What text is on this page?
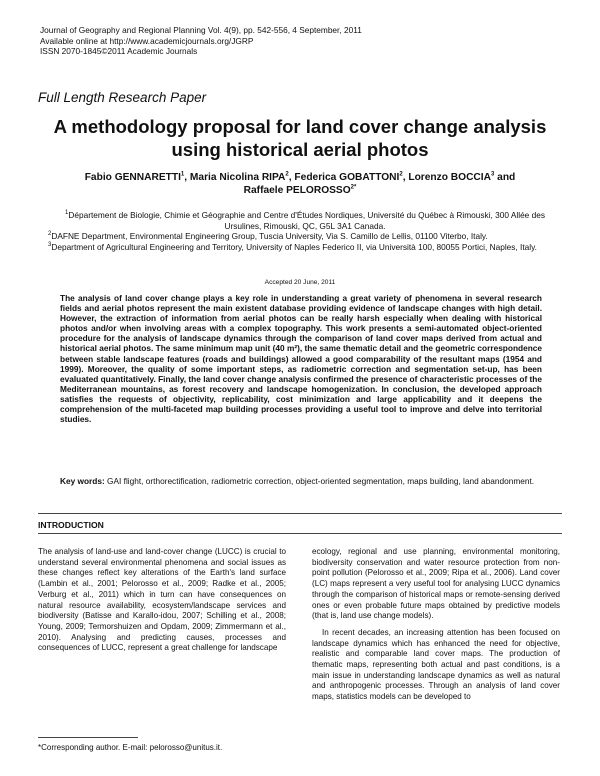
Journal of Geography and Regional Planning Vol. 4(9), pp. 542-556, 4 September, 2011
Available online at http://www.academicjournals.org/JGRP
ISSN 2070-1845©2011 Academic Journals
Full Length Research Paper
A methodology proposal for land cover change analysis using historical aerial photos
Fabio GENNARETTI$^1$, Maria Nicolina RIPA$^2$, Federica GOBATTONI$^2$, Lorenzo BOCCIA$^3$ and Raffaele $PELOROSSO^{2*}$
$^1$Département de Biologie, Chimie et Géographie and Centre d'Études Nordiques, Université du Québec à Rimouski, 300 Allée des Ursulines, Rimouski, QC, G5L 3A1 Canada.
$^2$DAFNE Department, Environmental Engineering Group, Tuscia University, Via S. Camillo de Lellis, 01100 Viterbo, Italy.
$^3$Department of Agricultural Engineering and Territory, University of Naples Federico II, via Università 100, 80055 Portici, Naples, Italy.
Accepted 20 June, 2011
The analysis of land cover change plays a key role in understanding a great variety of phenomena in several research fields and aerial photos represent the main existent database providing evidence of landscape changes with high detail. However, the extraction of information from aerial photos can be really harsh especially when dealing with historical photos and/or when involving areas with a complex topography. This work presents a semi-automated object-oriented procedure for the analysis of landscape dynamics through the comparison of land cover maps derived from actual and historical aerial photos. The same minimum map unit (40 m²), the same thematic detail and the geometric correspondence between stable landscape features (roads and buildings) allowed a good comparability of the resultant maps (1954 and 1999). Moreover, the quality of some important steps, as radiometric correction and segmentation set-up, has been evaluated quantitatively. Finally, the land cover change analysis confirmed the presence of characteristic processes of the Mediterranean mountains, as forest recovery and landscape homogenization. In conclusion, the developed approach satisfies the requests of objectivity, replicability, cost minimization and large applicability and it deepens the comprehension of the multi-faceted map building processes providing a useful tool to improve and delve into territorial studies.
Key words: GAI flight, orthorectification, radiometric correction, object-oriented segmentation, maps building, land abandonment.
INTRODUCTION

The analysis of land-use and land-cover change (LUCC) is crucial to understand several environmental phenomena and social issues as these changes reflect key alterations of the Earth's land surface (Lambin et al., 2001; Pelorosso et al., 2009; Radke et al., 2005; Verburg et al., 2011) which in turn can have consequences on natural resource availability, ecosystem/landscape services and biodiversity (Batisse and Karallo-idou, 2007; Schilling et al., 2008; Young, 2009; Termorshuizen and Opdam, 2009; Zimmermann et al., 2010). Analysing and predicting causes, processes and consequences of LUCC, represent a great challenge for landscape

ecology, regional and use planning, environmental monitoring, biodiversity conservation and water resource protection from non-point pollution (Pelorosso et al., 2009; Ripa et al., 2006). Land cover (LC) maps represent a very useful tool for analysing LUCC dynamics through the comparison of historical maps or remote-sensing derived ones or even probable future maps obtained by predictive models (that is, land use change models).

In recent decades, an increasing attention has been focused on landscape dynamics which has enhanced the need for objective, realistic and comparable land cover maps. The production of thematic maps, representing both actual and past conditions, is a main issue in understanding landscape dynamics as well as natural and anthropogenic processes. Through an analysis of land cover maps, statistics models can be developed to

*Corresponding author. E-mail: pelorosso@unitus.it.
